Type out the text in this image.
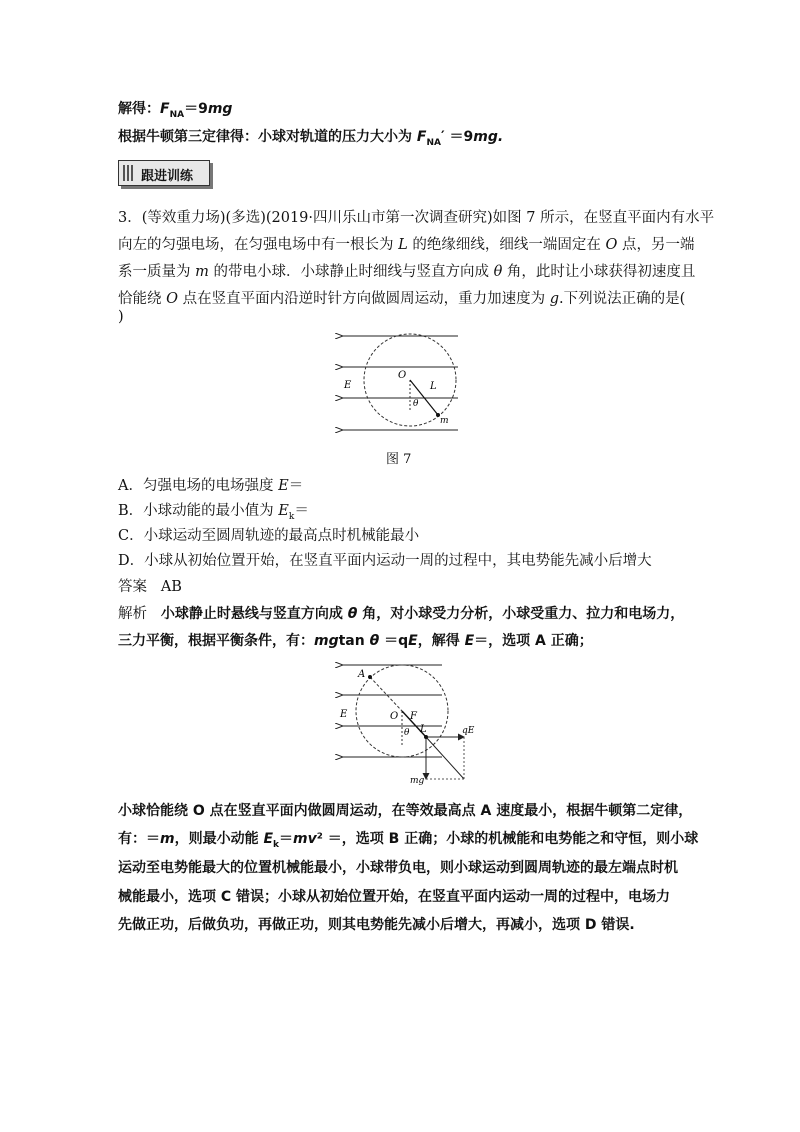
解得：$F_{NA}=9mg$
根据牛顿第三定律得：小球对轨道的压力大小为 $F_{NA}' =9mg$.
跟进训练
3．(等效重力场)(多选)(2019·四川乐山市第一次调查研究)如图 7 所示，在竖直平面内有水平
向左的匀强电场，在匀强电场中有一根长为 L 的绝缘细线，细线一端固定在 O 点，另一端
系一质量为 m 的带电小球．小球静止时细线与竖直方向成 θ 角，此时让小球获得初速度且
恰能绕 O 点在竖直平面内沿逆时针方向做圆周运动，重力加速度为 g.下列说法正确的是(
)
O
L
E
θ
m
图 7
A．匀强电场的电场强度 E＝
B．小球动能的最小值为 $E_k=$
C．小球运动至圆周轨迹的最高点时机械能最小
D．小球从初始位置开始，在竖直平面内运动一周的过程中，其电势能先减小后增大
答案 AB
解析 小球静止时悬线与竖直方向成 θ 角，对小球受力分析，小球受重力、拉力和电场力，
三力平衡，根据平衡条件，有：mgtan θ ＝qE，解得 E＝，选项 A 正确；
A
E	O F
L
θ	qE
mg
小球恰能绕 O 点在竖直平面内做圆周运动，在等效最高点 A 速度最小，根据牛顿第二定律，
有：＝m，则最小动能 $E_k=mv^2$ ＝，选项 B 正确；小球的机械能和电势能之和守恒，则小球
运动至电势能最大的位置机械能最小，小球带负电，则小球运动到圆周轨迹的最左端点时机
械能最小，选项 C 错误；小球从初始位置开始，在竖直平面内运动一周的过程中，电场力
先做正功，后做负功，再做正功，则其电势能先减小后增大，再减小，选项 D 错误.
